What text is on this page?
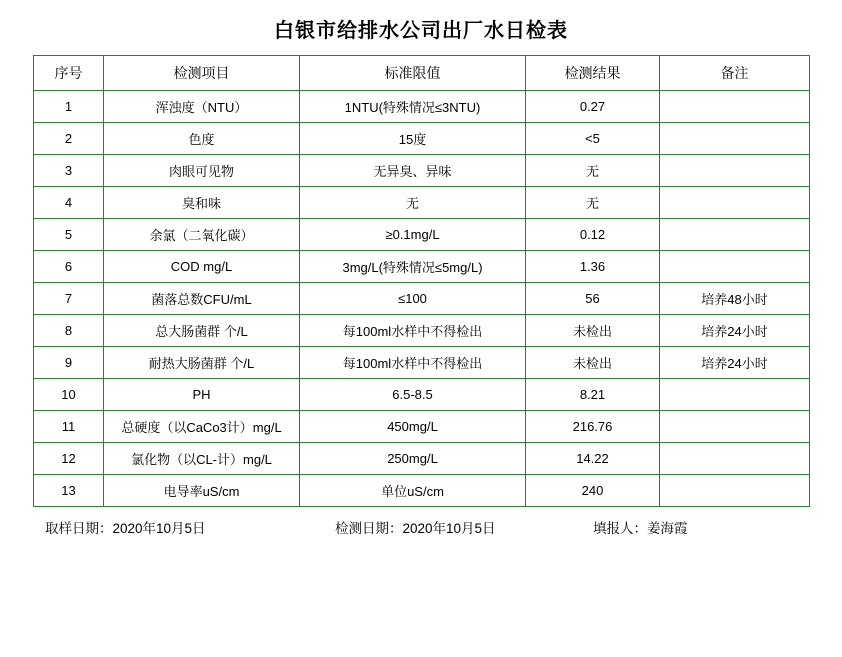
白银市给排水公司出厂水日检表
序号	检测项目	标准限值	检测结果	备注
1	浑浊度（NTU）	1NTU(特殊情况≤3NTU)	0.27	
2	色度	15度	<5	
3	肉眼可见物	无异臭、异味	无	
4	臭和味	无	无	
5	余氯（二氧化碳）	≥0.1mg/L	0.12	
6	COD mg/L	3mg/L(特殊情况≤5mg/L)	1.36	
7	菌落总数CFU/mL	≤100	56	培养48小时
8	总大肠菌群 个/L	每100ml水样中不得检出	未检出	培养24小时
9	耐热大肠菌群 个/L	每100ml水样中不得检出	未检出	培养24小时
10	PH	6.5-8.5	8.21	
11	总硬度（以CaCo3计）mg/L	450mg/L	216.76	
12	氯化物（以CL-计）mg/L	250mg/L	14.22	
13	电导率uS/cm	单位uS/cm	240	
取样日期：2020年10月5日	检测日期：2020年10月5日	填报人：姜海霞
